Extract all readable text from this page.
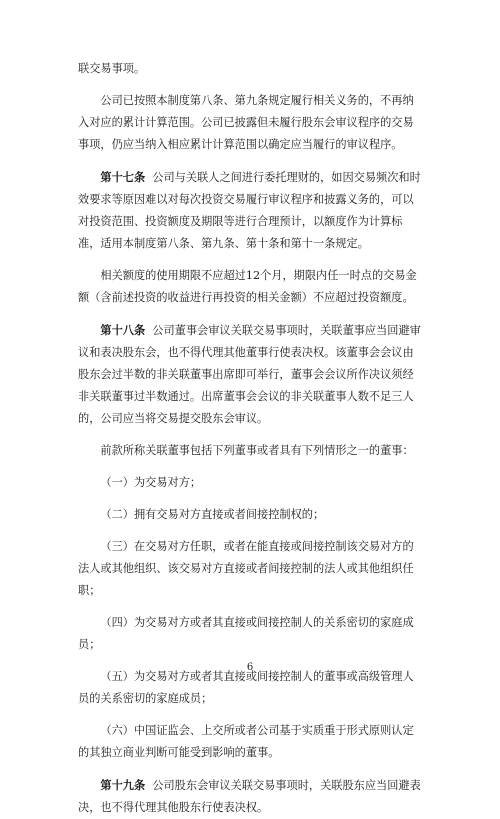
联交易事项。

公司已按照本制度第八条、第九条规定履行相关义务的，不再纳入对应的累计计算范围。公司已披露但未履行股东会审议程序的交易事项，仍应当纳入相应累计计算范围以确定应当履行的审议程序。

第十七条 公司与关联人之间进行委托理财的，如因交易频次和时效要求等原因难以对每次投资交易履行审议程序和披露义务的，可以对投资范围、投资额度及期限等进行合理预计，以额度作为计算标准，适用本制度第八条、第九条、第十条和第十一条规定。

相关额度的使用期限不应超过12个月，期限内任一时点的交易金额（含前述投资的收益进行再投资的相关金额）不应超过投资额度。

第十八条 公司董事会审议关联交易事项时，关联董事应当回避审议和表决股东会，也不得代理其他董事行使表决权。该董事会会议由股东会过半数的非关联董事出席即可举行，董事会会议所作决议须经非关联董事过半数通过。出席董事会会议的非关联董事人数不足三人的，公司应当将交易提交股东会审议。

前款所称关联董事包括下列董事或者具有下列情形之一的董事：

（一）为交易对方；

（二）拥有交易对方直接或者间接控制权的；

（三）在交易对方任职，或者在能直接或间接控制该交易对方的法人或其他组织、该交易对方直接或者间接控制的法人或其他组织任职；

（四）为交易对方或者其直接或间接控制人的关系密切的家庭成员；

（五）为交易对方或者其直接或间接控制人的董事或高级管理人员的关系密切的家庭成员；

（六）中国证监会、上交所或者公司基于实质重于形式原则认定的其独立商业判断可能受到影响的董事。

第十九条 公司股东会审议关联交易事项时，关联股东应当回避表决，也不得代理其他股东行使表决权。

6
